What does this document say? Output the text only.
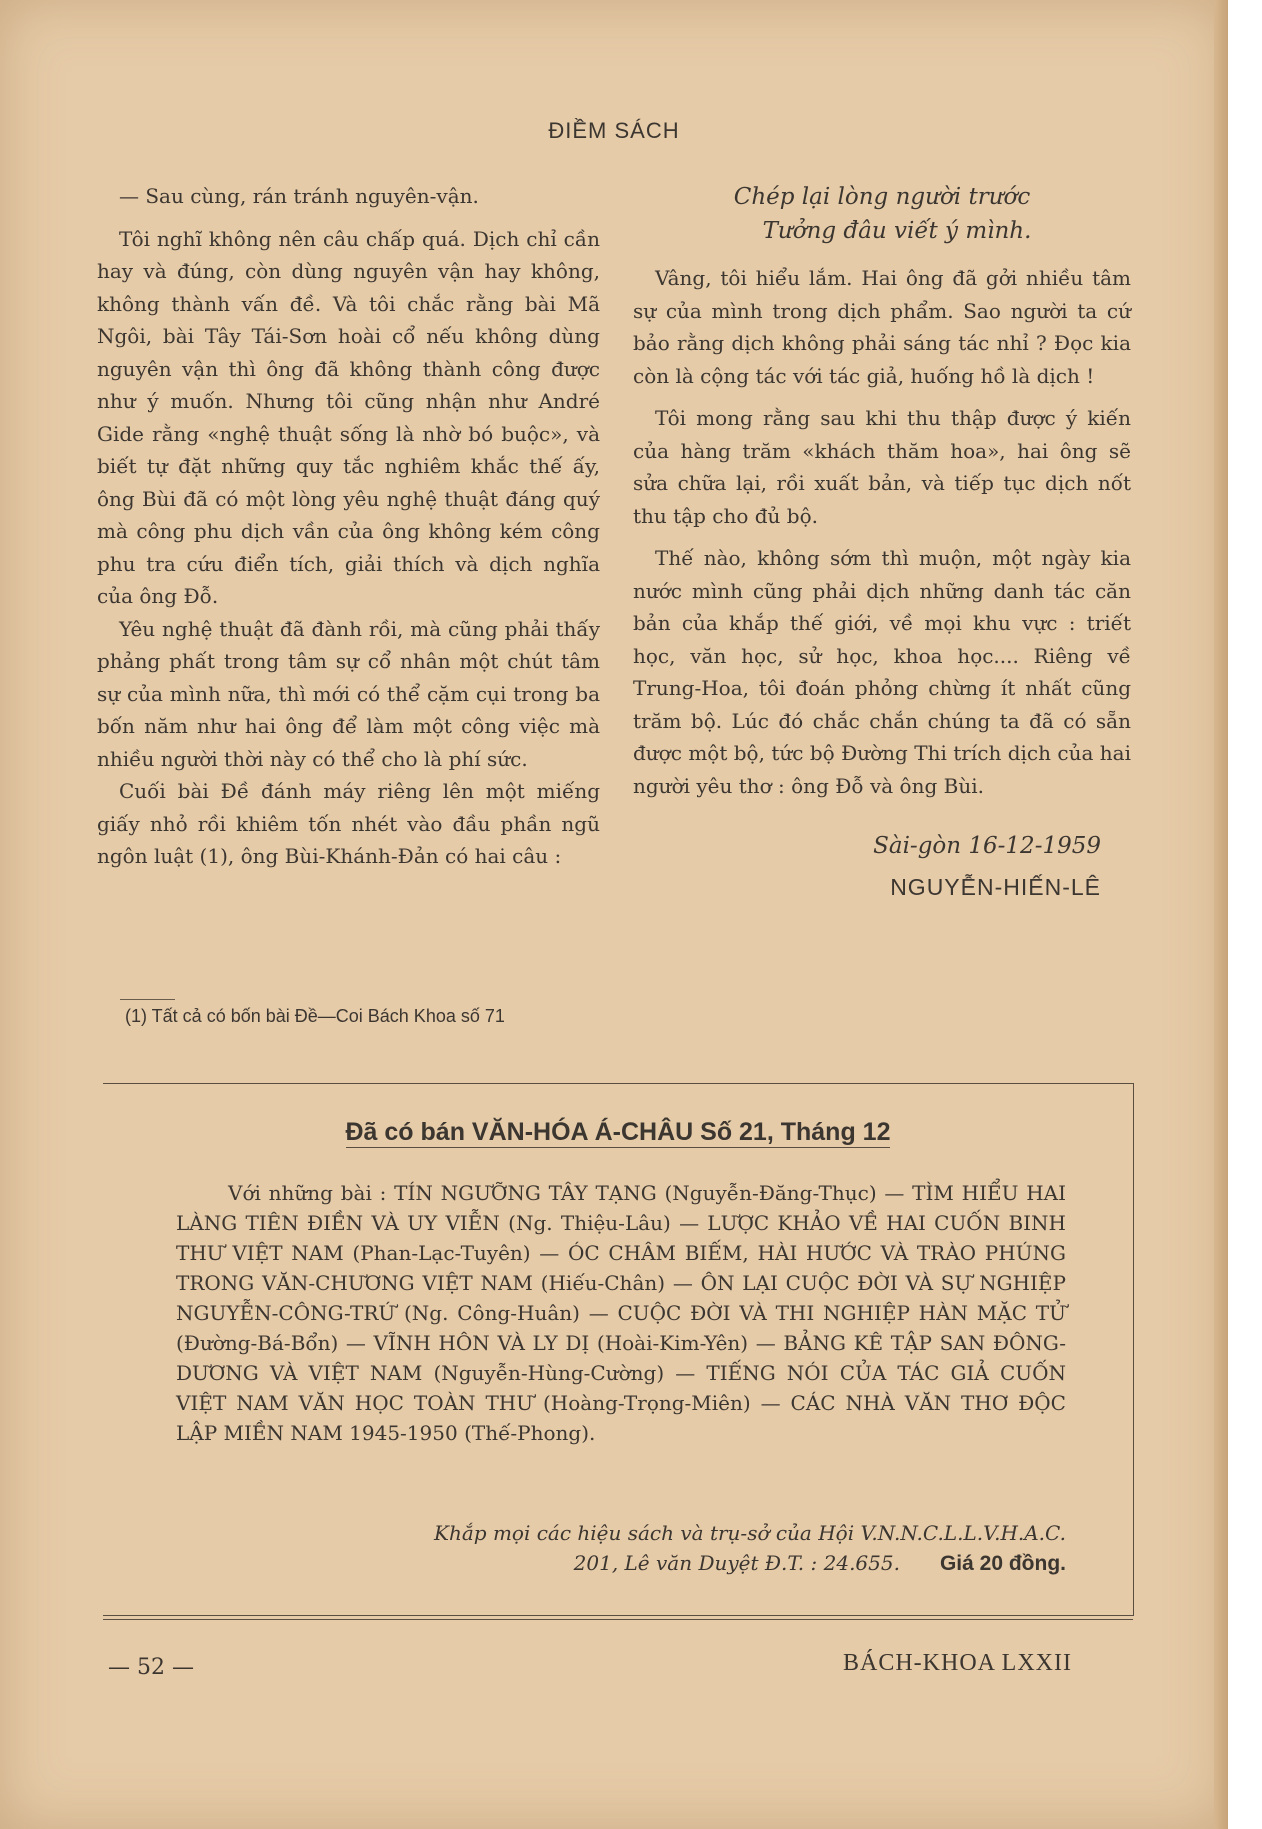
ĐIỀM SÁCH

— Sau cùng, rán tránh nguyên-vận.

Tôi nghĩ không nên câu chấp quá. Dịch chỉ cần hay và đúng, còn dùng nguyên vận hay không, không thành vấn đề. Và tôi chắc rằng bài Mã Ngôi, bài Tây Tái-Sơn hoài cổ nếu không dùng nguyên vận thì ông đã không thành công được như ý muốn. Nhưng tôi cũng nhận như André Gide rằng «nghệ thuật sống là nhờ bó buộc», và biết tự đặt những quy tắc nghiêm khắc thế ấy, ông Bùi đã có một lòng yêu nghệ thuật đáng quý mà công phu dịch vần của ông không kém công phu tra cứu điển tích, giải thích và dịch nghĩa của ông Đỗ.

Yêu nghệ thuật đã đành rồi, mà cũng phải thấy phảng phất trong tâm sự cổ nhân một chút tâm sự của mình nữa, thì mới có thể cặm cụi trong ba bốn năm như hai ông để làm một công việc mà nhiều người thời này có thể cho là phí sức.

Cuối bài Đề đánh máy riêng lên một miếng giấy nhỏ rồi khiêm tốn nhét vào đầu phần ngũ ngôn luật (1), ông Bùi-Khánh-Đản có hai câu :

Chép lại lòng người trước
Tưởng đâu viết ý mình.

Vâng, tôi hiểu lắm. Hai ông đã gởi nhiều tâm sự của mình trong dịch phẩm. Sao người ta cứ bảo rằng dịch không phải sáng tác nhỉ ? Đọc kia còn là cộng tác với tác giả, huống hồ là dịch !

Tôi mong rằng sau khi thu thập được ý kiến của hàng trăm «khách thăm hoa», hai ông sẽ sửa chữa lại, rồi xuất bản, và tiếp tục dịch nốt thu tập cho đủ bộ.

Thế nào, không sớm thì muộn, một ngày kia nước mình cũng phải dịch những danh tác căn bản của khắp thế giới, về mọi khu vực : triết học, văn học, sử học, khoa học.... Riêng về Trung-Hoa, tôi đoán phỏng chừng ít nhất cũng trăm bộ. Lúc đó chắc chắn chúng ta đã có sẵn được một bộ, tức bộ Đường Thi trích dịch của hai người yêu thơ : ông Đỗ và ông Bùi.

Sài-gòn 16-12-1959
NGUYỄN-HIẾN-LÊ
(1) Tất cả có bốn bài Đề—Coi Bách Khoa số 71
Đã có bán VĂN-HÓA Á-CHÂU Số 21, Tháng 12

Với những bài : TÍN NGƯỠNG TÂY TẠNG (Nguyễn-Đăng-Thục) — TÌM HIỂU HAI LÀNG TIÊN ĐIỀN VÀ UY VIỄN (Ng. Thiệu-Lâu) — LƯỢC KHẢO VỀ HAI CUỐN BINH THƯ VIỆT NAM (Phan-Lạc-Tuyên) — ÓC CHÂM BIẾM, HÀI HƯỚC VÀ TRÀO PHÚNG TRONG VĂN-CHƯƠNG VIỆT NAM (Hiếu-Chân) — ÔN LẠI CUỘC ĐỜI VÀ SỰ NGHIỆP NGUYỄN-CÔNG-TRỨ (Ng. Công-Huân) — CUỘC ĐỜI VÀ THI NGHIỆP HÀN MẶC TỬ (Đường-Bá-Bổn) — VĨNH HÔN VÀ LY DỊ (Hoài-Kim-Yên) — BẢNG KÊ TẬP SAN ĐÔNG-DƯƠNG VÀ VIỆT NAM (Nguyễn-Hùng-Cường) — TIẾNG NÓI CỦA TÁC GIẢ CUỐN VIỆT NAM VĂN HỌC TOÀN THƯ (Hoàng-Trọng-Miên) — CÁC NHÀ VĂN THƠ ĐỘC LẬP MIỀN NAM 1945-1950 (Thế-Phong).

Khắp mọi các hiệu sách và trụ-sở của Hội V.N.N.C.L.L.V.H.A.C.
201, Lê văn Duyệt Đ.T. : 24.655. Giá 20 đồng.
— 52 —	BÁCH-KHOA LXXII
